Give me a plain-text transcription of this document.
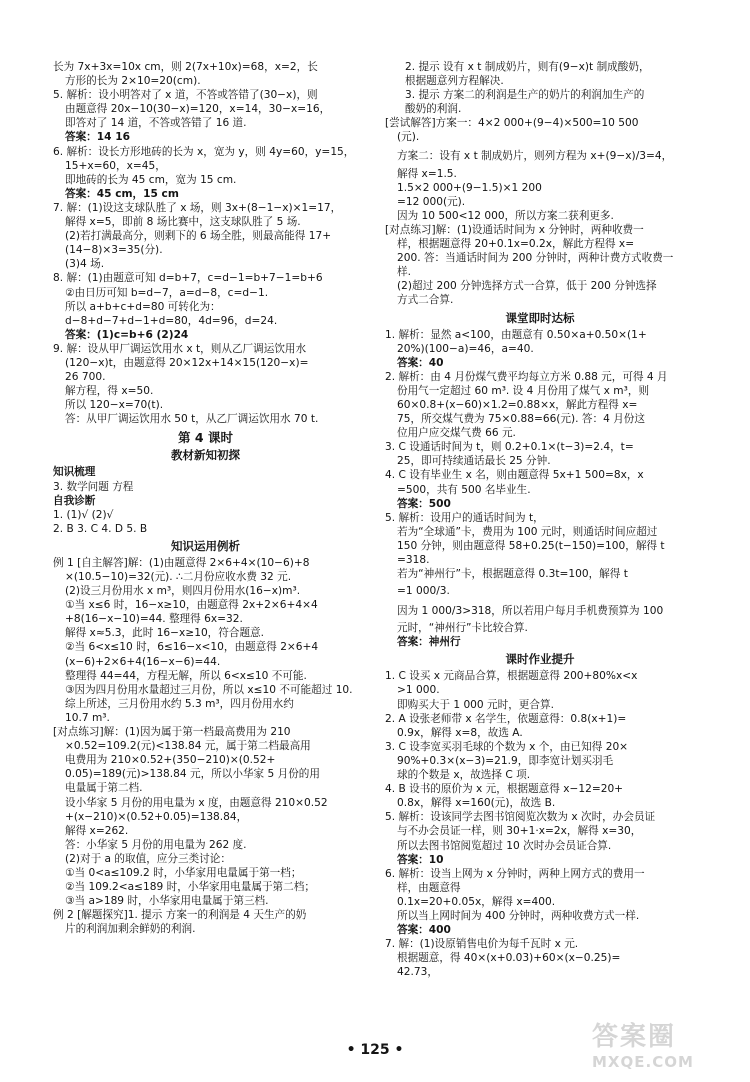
长为 7x+3x=10x cm，则 2(7x+10x)=68，x=2，长
方形的长为 2×10=20(cm).
5. 解析：设小明答对了 x 道，不答或答错了(30−x)，则
由题意得 20x−10(30−x)=120，x=14，30−x=16，
即答对了 14 道，不答或答错了 16 道.
答案：14 16
6. 解析：设长方形地砖的长为 x，宽为 y，则 4y=60，y=15，
15+x=60，x=45，
即地砖的长为 45 cm，宽为 15 cm.
答案：45 cm，15 cm
7. 解：(1)设这支球队胜了 x 场，则 3x+(8−1−x)×1=17，
解得 x=5，即前 8 场比赛中，这支球队胜了 5 场.
(2)若打满最高分，则剩下的 6 场全胜，则最高能得 17+
(14−8)×3=35(分).
(3)4 场.
8. 解：(1)由题意可知 d=b+7，c=d−1=b+7−1=b+6
②由日历可知 b=d−7，a=d−8，c=d−1.
所以 a+b+c+d=80 可转化为：
d−8+d−7+d−1+d=80，4d=96，d=24.
答案：(1)c=b+6 (2)24
9. 解：设从甲厂调运饮用水 x t，则从乙厂调运饮用水
(120−x)t，由题意得 20×12x+14×15(120−x)=
26 700.
解方程，得 x=50.
所以 120−x=70(t).
答：从甲厂调运饮用水 50 t，从乙厂调运饮用水 70 t.
第 4 课时
教材新知初探
知识梳理
3. 数学问题 方程
自我诊断
1. (1)√ (2)√
2. B 3. C 4. D 5. B
知识运用例析
例 1 [自主解答]解：(1)由题意得 2×6+4×(10−6)+8
×(10.5−10)=32(元). ∴二月份应收水费 32 元.
(2)设三月份用水 x m³，则四月份用水(16−x)m³.
①当 x≤6 时，16−x≥10，由题意得 2x+2×6+4×4
+8(16−x−10)=44. 整理得 6x=32.
解得 x≈5.3，此时 16−x≥10，符合题意.
②当 6<x≤10 时，6≤16−x<10，由题意得 2×6+4
(x−6)+2×6+4(16−x−6)=44.
整理得 44=44，方程无解，所以 6<x≤10 不可能.
③因为四月份用水量超过三月份，所以 x≤10 不可能超过 10.
综上所述，三月份用水约 5.3 m³，四月份用水约
10.7 m³.
[对点练习]解：(1)因为属于第一档最高费用为 210
×0.52=109.2(元)<138.84 元，属于第二档最高用
电费用为 210×0.52+(350−210)×(0.52+
0.05)=189(元)>138.84 元，所以小华家 5 月份的用
电量属于第二档.
设小华家 5 月份的用电量为 x 度，由题意得 210×0.52
+(x−210)×(0.52+0.05)=138.84，
解得 x=262.
答：小华家 5 月份的用电量为 262 度.
(2)对于 a 的取值，应分三类讨论：
①当 0<a≤109.2 时，小华家用电量属于第一档；
②当 109.2<a≤189 时，小华家用电量属于第二档；
③当 a>189 时，小华家用电量属于第三档.
例 2 [解题探究]1. 提示 方案一的利润是 4 天生产的奶
片的利润加剩余鲜奶的利润.
2. 提示 设有 x t 制成奶片，则有(9−x)t 制成酸奶，
根据题意列方程解决.
3. 提示 方案二的利润是生产的奶片的利润加生产的
酸奶的利润.
[尝试解答]方案一：4×2 000+(9−4)×500=10 500
(元).
方案二：设有 x t 制成奶片，则列方程为 x+(9−x)/3=4，
解得 x=1.5.
1.5×2 000+(9−1.5)×1 200
=12 000(元).
因为 10 500<12 000，所以方案二获利更多.
[对点练习]解：(1)设通话时间为 x 分钟时，两种收费一
样，根据题意得 20+0.1x=0.2x，解此方程得 x=
200. 答：当通话时间为 200 分钟时，两种计费方式收费一
样.
(2)超过 200 分钟选择方式一合算，低于 200 分钟选择
方式二合算.
课堂即时达标
1. 解析：显然 a<100，由题意有 0.50×a+0.50×(1+
20%)(100−a)=46，a=40.
答案：40
2. 解析：由 4 月份煤气费平均每立方米 0.88 元，可得 4 月
份用气一定超过 60 m³. 设 4 月份用了煤气 x m³，则
60×0.8+(x−60)×1.2=0.88×x，解此方程得 x=
75，所交煤气费为 75×0.88=66(元). 答：4 月份这
位用户应交煤气费 66 元.
3. C 设通话时间为 t，则 0.2+0.1×(t−3)=2.4，t=
25，即可持续通话最长 25 分钟.
4. C 设有毕业生 x 名，则由题意得 5x+1 500=8x，x
=500，共有 500 名毕业生.
答案：500
5. 解析：设用户的通话时间为 t，
若为“全球通”卡，费用为 100 元时，则通话时间应超过
150 分钟，则由题意得 58+0.25(t−150)=100，解得 t
=318.
若为“神州行”卡，根据题意得 0.3t=100，解得 t
=1 000/3.
因为 1 000/3>318，所以若用户每月手机费预算为 100
元时，“神州行”卡比较合算.
答案：神州行
课时作业提升
1. C 设买 x 元商品合算，根据题意得 200+80%x<x
>1 000.
即购买大于 1 000 元时，更合算.
2. A 设张老师带 x 名学生，依题意得：0.8(x+1)=
0.9x，解得 x=8，故选 A.
3. C 设李宽买羽毛球的个数为 x 个，由已知得 20×
90%+0.3×(x−3)=21.9，即李宽计划买羽毛
球的个数是 x，故选择 C 项.
4. B 设书的原价为 x 元，根据题意得 x−12=20+
0.8x，解得 x=160(元)，故选 B.
5. 解析：设该同学去图书馆阅览次数为 x 次时，办会员证
与不办会员证一样，则 30+1·x=2x，解得 x=30，
所以去图书馆阅览超过 10 次时办会员证合算.
答案：10
6. 解析：设当上网为 x 分钟时，两种上网方式的费用一
样，由题意得
0.1x=20+0.05x，解得 x=400.
所以当上网时间为 400 分钟时，两种收费方式一样.
答案：400
7. 解：(1)设原销售电价为每千瓦时 x 元.
根据题意，得 40×(x+0.03)+60×(x−0.25)=
42.73，
• 125 •	答案圈
MXQE.COM
